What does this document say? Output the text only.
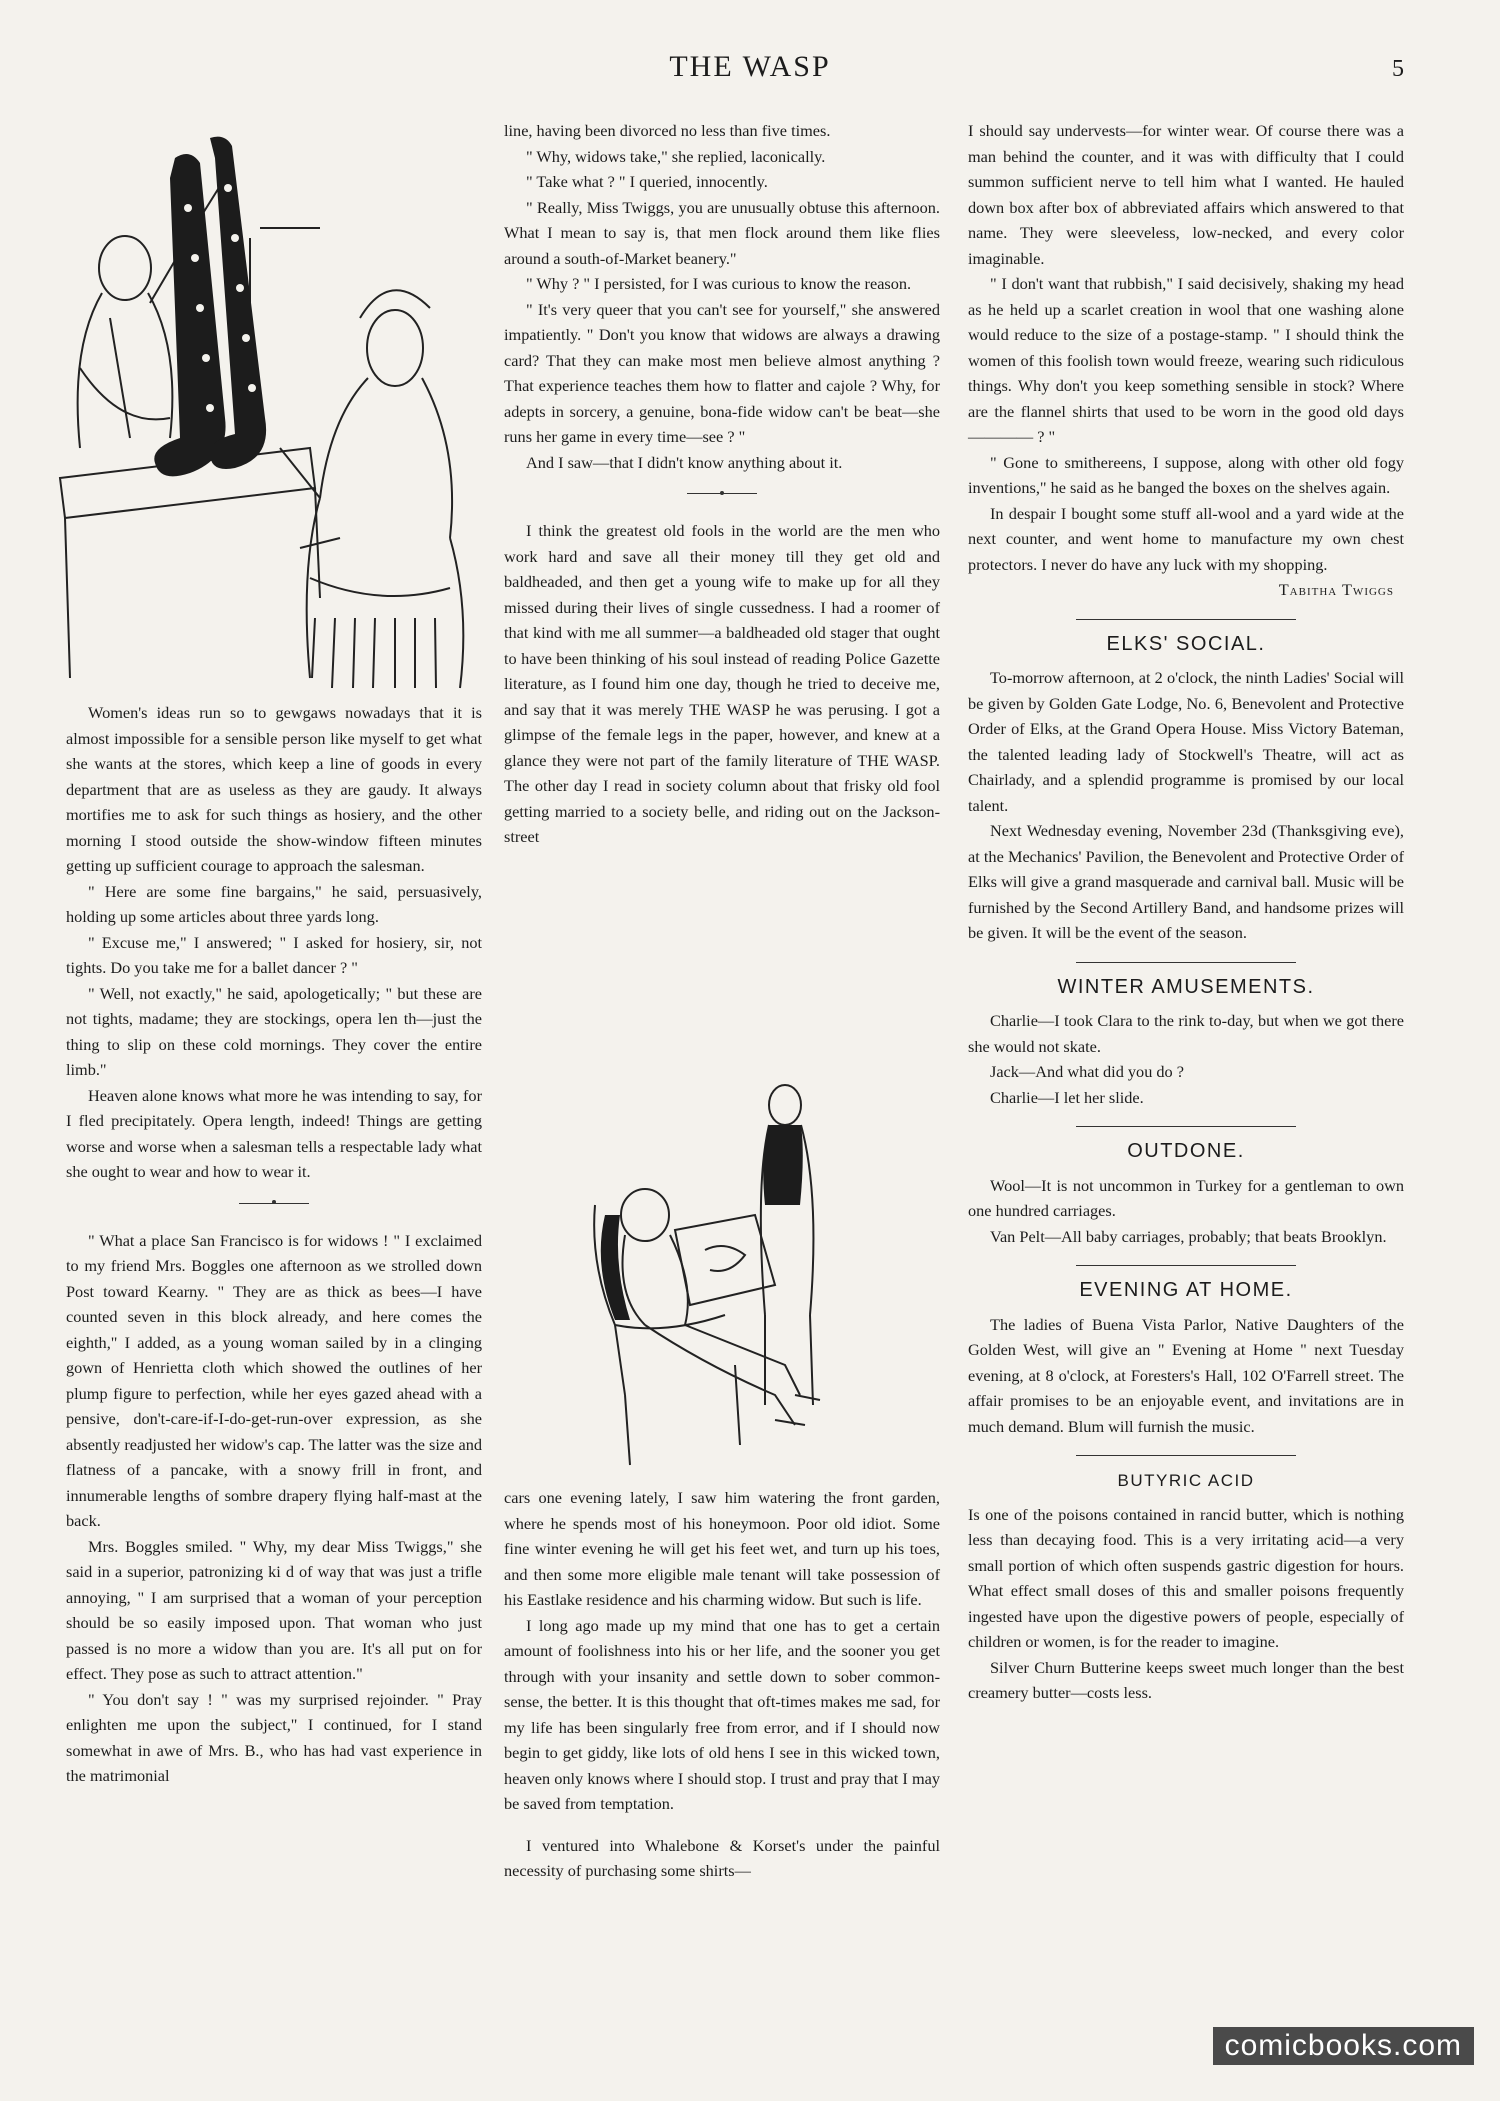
THE WASP	5

Women's ideas run so to gewgaws nowadays that it is almost impossible for a sensible person like myself to get what she wants at the stores, which keep a line of goods in every department that are as useless as they are gaudy. It always mortifies me to ask for such things as hosiery, and the other morning I stood outside the show-window fifteen minutes getting up sufficient courage to approach the salesman.

" Here are some fine bargains," he said, persuasively, holding up some articles about three yards long.

" Excuse me," I answered; " I asked for hosiery, sir, not tights. Do you take me for a ballet dancer ? "

" Well, not exactly," he said, apologetically; " but these are not tights, madame; they are stockings, opera len th—just the thing to slip on these cold mornings. They cover the entire limb."

Heaven alone knows what more he was intending to say, for I fled precipitately. Opera length, indeed! Things are getting worse and worse when a salesman tells a respectable lady what she ought to wear and how to wear it.

" What a place San Francisco is for widows ! " I exclaimed to my friend Mrs. Boggles one afternoon as we strolled down Post toward Kearny. " They are as thick as bees—I have counted seven in this block already, and here comes the eighth," I added, as a young woman sailed by in a clinging gown of Henrietta cloth which showed the outlines of her plump figure to perfection, while her eyes gazed ahead with a pensive, don't-care-if-I-do-get-run-over expression, as she absently readjusted her widow's cap. The latter was the size and flatness of a pancake, with a snowy frill in front, and innumerable lengths of sombre drapery flying half-mast at the back.

Mrs. Boggles smiled. " Why, my dear Miss Twiggs," she said in a superior, patronizing ki d of way that was just a trifle annoying, " I am surprised that a woman of your perception should be so easily imposed upon. That woman who just passed is no more a widow than you are. It's all put on for effect. They pose as such to attract attention."

" You don't say ! " was my surprised rejoinder. " Pray enlighten me upon the subject," I continued, for I stand somewhat in awe of Mrs. B., who has had vast experience in the matrimonial

line, having been divorced no less than five times.

" Why, widows take," she replied, laconically.

" Take what ? " I queried, innocently.

" Really, Miss Twiggs, you are unusually obtuse this afternoon. What I mean to say is, that men flock around them like flies around a south-of-Market beanery."

" Why ? " I persisted, for I was curious to know the reason.

" It's very queer that you can't see for yourself," she answered impatiently. " Don't you know that widows are always a drawing card? That they can make most men believe almost anything ? That experience teaches them how to flatter and cajole ? Why, for adepts in sorcery, a genuine, bona-fide widow can't be beat—she runs her game in every time—see ? "

And I saw—that I didn't know anything about it.

I think the greatest old fools in the world are the men who work hard and save all their money till they get old and baldheaded, and then get a young wife to make up for all they missed during their lives of single cussedness. I had a roomer of that kind with me all summer—a baldheaded old stager that ought to have been thinking of his soul instead of reading Police Gazette literature, as I found him one day, though he tried to deceive me, and say that it was merely THE WASP he was perusing. I got a glimpse of the female legs in the paper, however, and knew at a glance they were not part of the family literature of THE WASP. The other day I read in society column about that frisky old fool getting married to a society belle, and riding out on the Jackson-street

cars one evening lately, I saw him watering the front garden, where he spends most of his honeymoon. Poor old idiot. Some fine winter evening he will get his feet wet, and turn up his toes, and then some more eligible male tenant will take possession of his Eastlake residence and his charming widow. But such is life.

I long ago made up my mind that one has to get a certain amount of foolishness into his or her life, and the sooner you get through with your insanity and settle down to sober common-sense, the better. It is this thought that oft-times makes me sad, for my life has been singularly free from error, and if I should now begin to get giddy, like lots of old hens I see in this wicked town, heaven only knows where I should stop. I trust and pray that I may be saved from temptation.

I ventured into Whalebone & Korset's under the painful necessity of purchasing some shirts—

I should say undervests—for winter wear. Of course there was a man behind the counter, and it was with difficulty that I could summon sufficient nerve to tell him what I wanted. He hauled down box after box of abbreviated affairs which answered to that name. They were sleeveless, low-necked, and every color imaginable.

" I don't want that rubbish," I said decisively, shaking my head as he held up a scarlet creation in wool that one washing alone would reduce to the size of a postage-stamp. " I should think the women of this foolish town would freeze, wearing such ridiculous things. Why don't you keep something sensible in stock? Where are the flannel shirts that used to be worn in the good old days ———— ? "

" Gone to smithereens, I suppose, along with other old fogy inventions," he said as he banged the boxes on the shelves again.

In despair I bought some stuff all-wool and a yard wide at the next counter, and went home to manufacture my own chest protectors. I never do have any luck with my shopping.

Tabitha Twiggs
ELKS' SOCIAL.

To-morrow afternoon, at 2 o'clock, the ninth Ladies' Social will be given by Golden Gate Lodge, No. 6, Benevolent and Protective Order of Elks, at the Grand Opera House. Miss Victory Bateman, the talented leading lady of Stockwell's Theatre, will act as Chairlady, and a splendid programme is promised by our local talent.

Next Wednesday evening, November 23d (Thanksgiving eve), at the Mechanics' Pavilion, the Benevolent and Protective Order of Elks will give a grand masquerade and carnival ball. Music will be furnished by the Second Artillery Band, and handsome prizes will be given. It will be the event of the season.

WINTER AMUSEMENTS.

Charlie—I took Clara to the rink to-day, but when we got there she would not skate.

Jack—And what did you do ?

Charlie—I let her slide.

OUTDONE.

Wool—It is not uncommon in Turkey for a gentleman to own one hundred carriages.

Van Pelt—All baby carriages, probably; that beats Brooklyn.

EVENING AT HOME.

The ladies of Buena Vista Parlor, Native Daughters of the Golden West, will give an " Evening at Home " next Tuesday evening, at 8 o'clock, at Foresters's Hall, 102 O'Farrell street. The affair promises to be an enjoyable event, and invitations are in much demand. Blum will furnish the music.

BUTYRIC ACID

Is one of the poisons contained in rancid butter, which is nothing less than decaying food. This is a very irritating acid—a very small portion of which often suspends gastric digestion for hours. What effect small doses of this and smaller poisons frequently ingested have upon the digestive powers of people, especially of children or women, is for the reader to imagine.

Silver Churn Butterine keeps sweet much longer than the best creamery butter—costs less.

comicbooks.com
